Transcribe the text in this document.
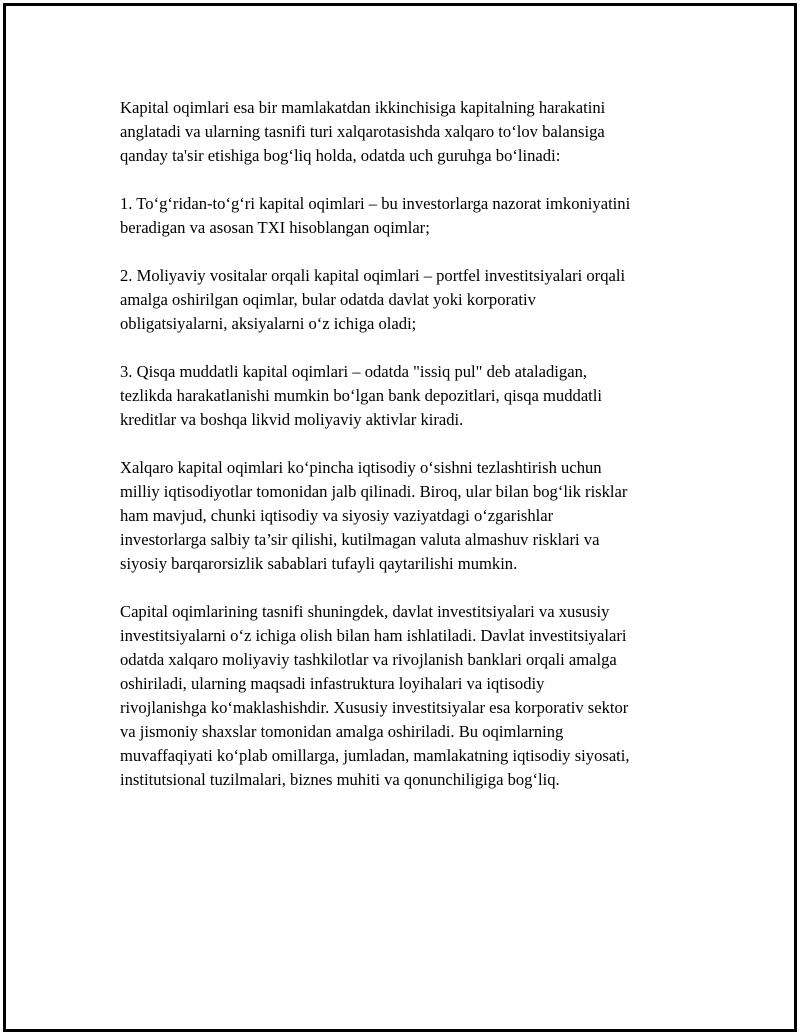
Kapital oqimlari esa bir mamlakatdan ikkinchisiga kapitalning harakatini
anglatadi va ularning tasnifi turi xalqarotasishda xalqaro to‘lov balansiga
qanday ta'sir etishiga bog‘liq holda, odatda uch guruhga bo‘linadi:

1. To‘g‘ridan-to‘g‘ri kapital oqimlari – bu investorlarga nazorat imkoniyatini
beradigan va asosan TXI hisoblangan oqimlar;

2. Moliyaviy vositalar orqali kapital oqimlari – portfel investitsiyalari orqali
amalga oshirilgan oqimlar, bular odatda davlat yoki korporativ
obligatsiyalarni, aksiyalarni o‘z ichiga oladi;

3. Qisqa muddatli kapital oqimlari – odatda "issiq pul" deb ataladigan,
tezlikda harakatlanishi mumkin bo‘lgan bank depozitlari, qisqa muddatli
kreditlar va boshqa likvid moliyaviy aktivlar kiradi.

Xalqaro kapital oqimlari ko‘pincha iqtisodiy o‘sishni tezlashtirish uchun
milliy iqtisodiyotlar tomonidan jalb qilinadi. Biroq, ular bilan bog‘lik risklar
ham mavjud, chunki iqtisodiy va siyosiy vaziyatdagi o‘zgarishlar
investorlarga salbiy ta’sir qilishi, kutilmagan valuta almashuv risklari va
siyosiy barqarorsizlik sabablari tufayli qaytarilishi mumkin.

Capital oqimlarining tasnifi shuningdek, davlat investitsiyalari va xususiy
investitsiyalarni o‘z ichiga olish bilan ham ishlatiladi. Davlat investitsiyalari
odatda xalqaro moliyaviy tashkilotlar va rivojlanish banklari orqali amalga
oshiriladi, ularning maqsadi infastruktura loyihalari va iqtisodiy
rivojlanishga ko‘maklashishdir. Xususiy investitsiyalar esa korporativ sektor
va jismoniy shaxslar tomonidan amalga oshiriladi. Bu oqimlarning
muvaffaqiyati ko‘plab omillarga, jumladan, mamlakatning iqtisodiy siyosati,
institutsional tuzilmalari, biznes muhiti va qonunchiligiga bog‘liq.
